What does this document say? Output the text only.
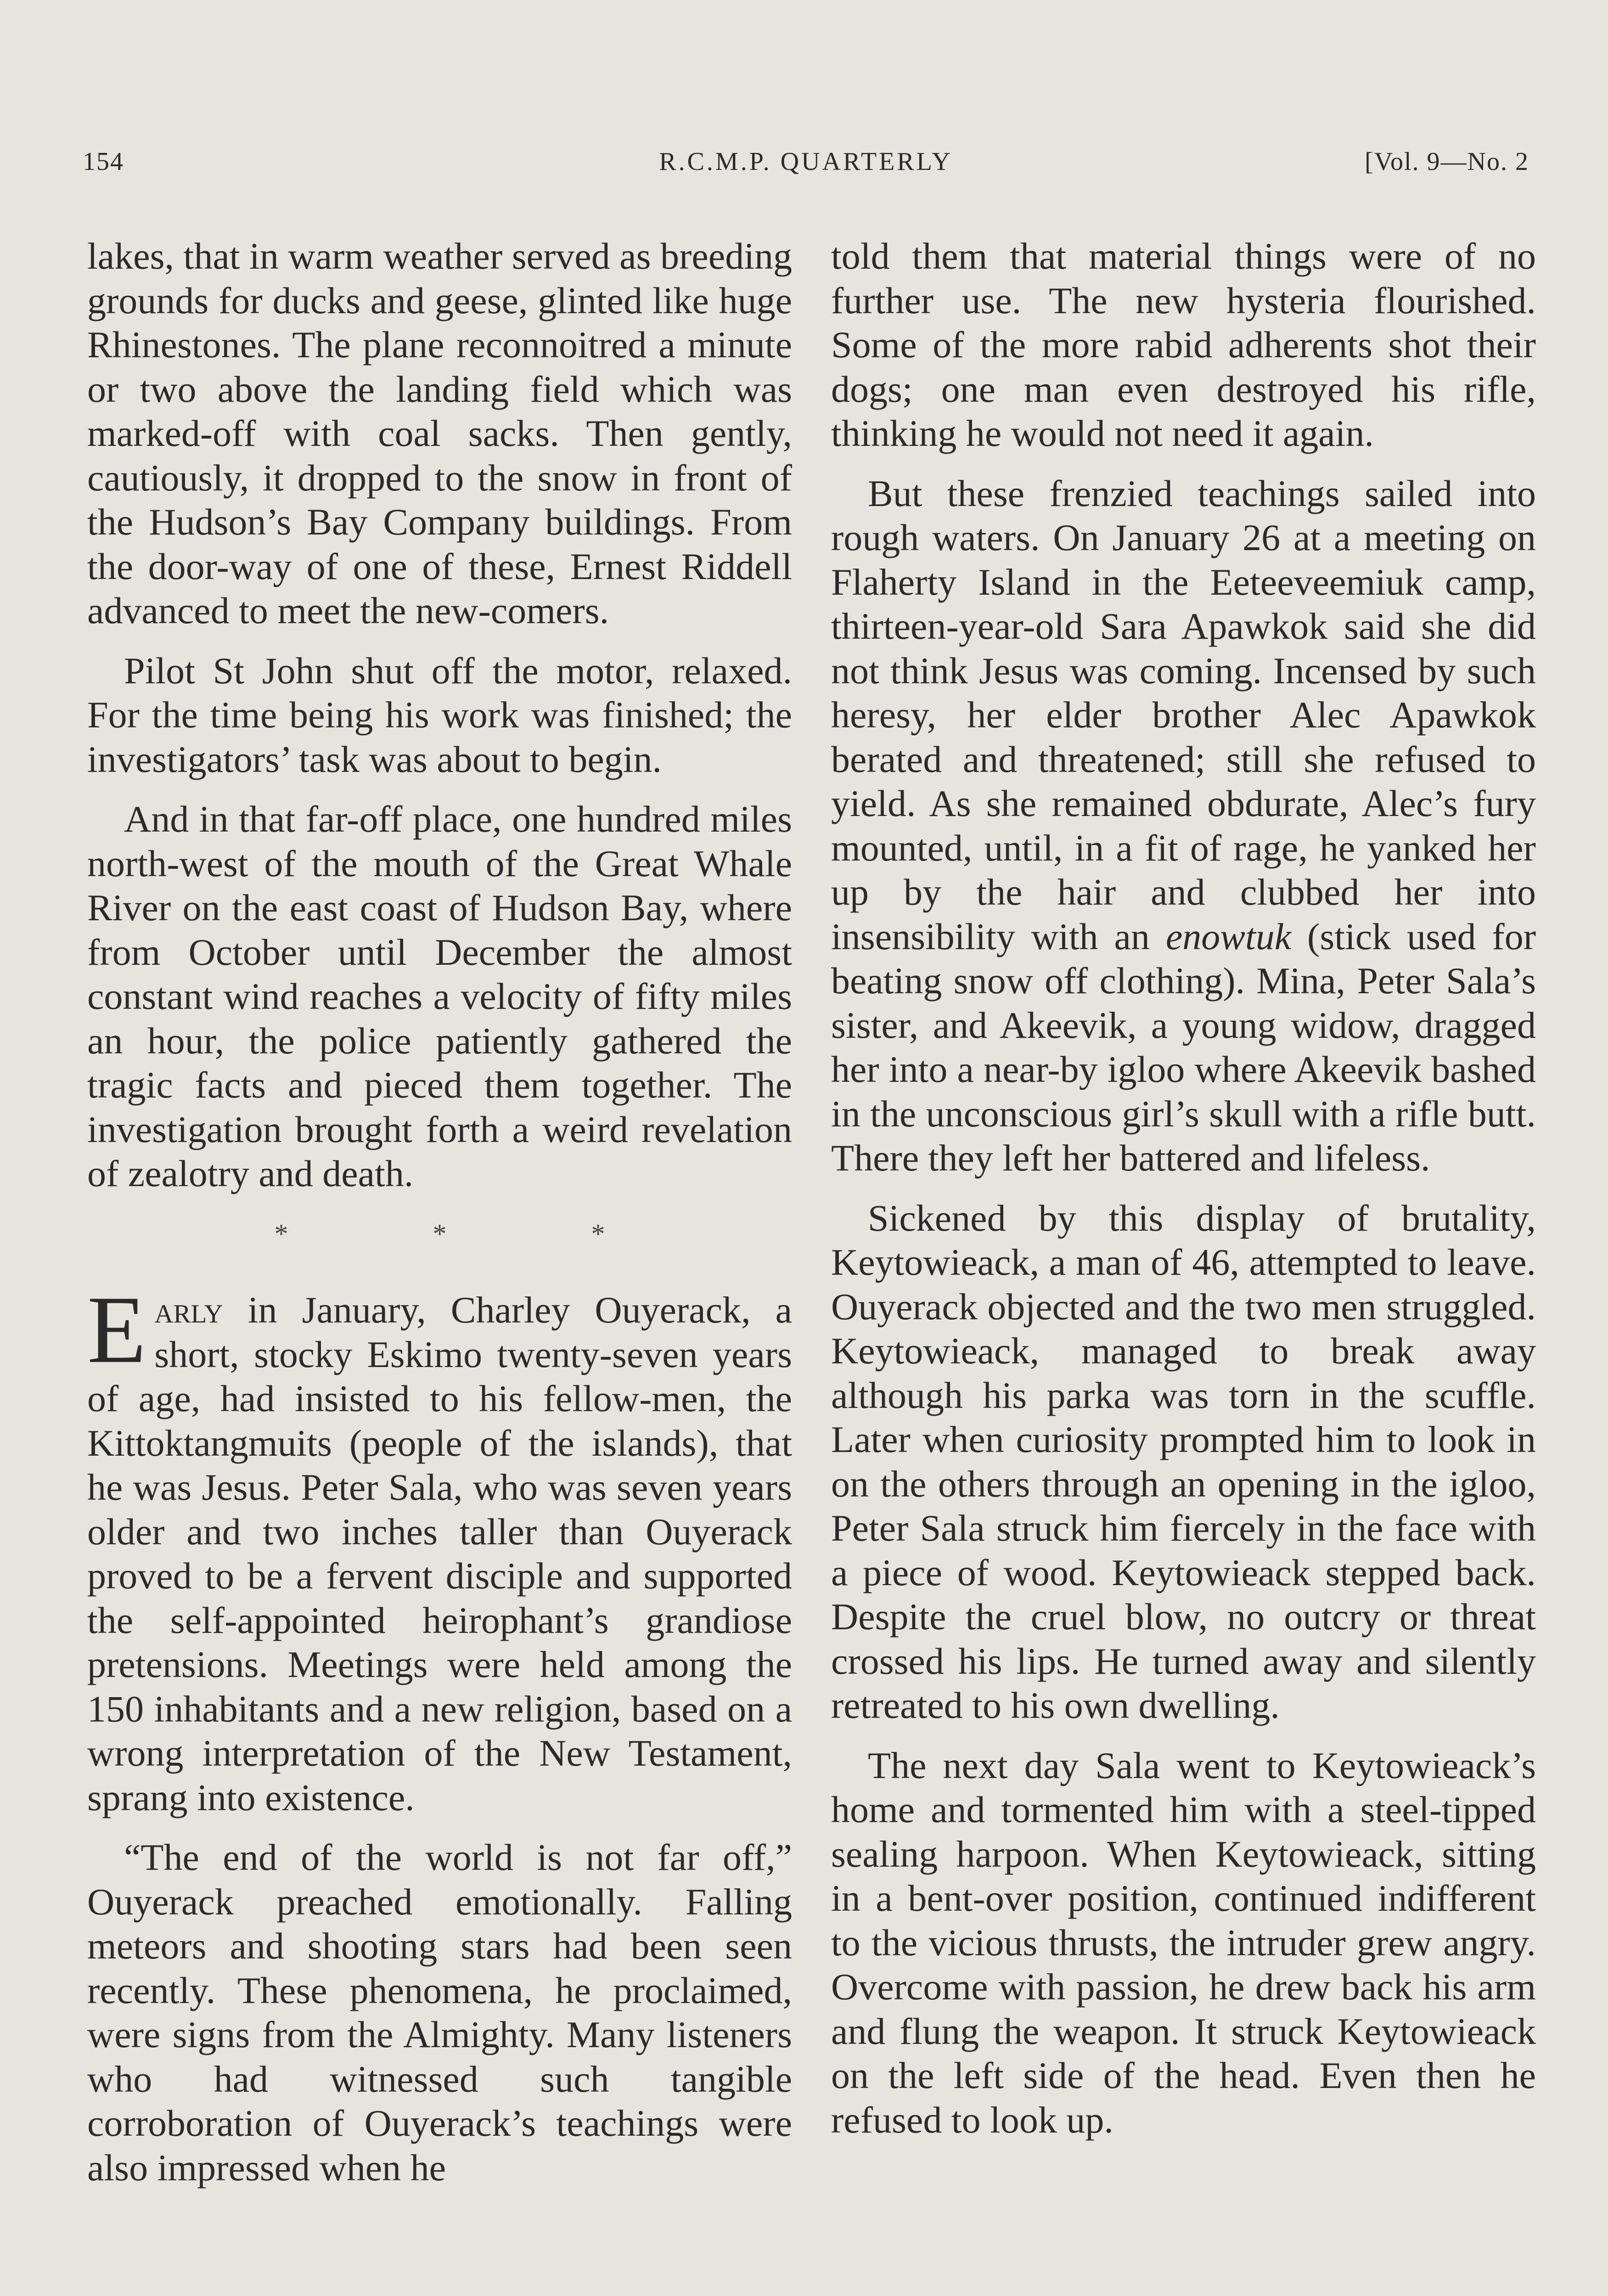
154	R.C.M.P. QUARTERLY	[Vol. 9—No. 2

lakes, that in warm weather served as breeding grounds for ducks and geese, glinted like huge Rhinestones. The plane reconnoitred a minute or two above the landing field which was marked-off with coal sacks. Then gently, cautiously, it dropped to the snow in front of the Hudson’s Bay Company buildings. From the door-way of one of these, Ernest Riddell advanced to meet the new-comers.

Pilot St John shut off the motor, relaxed. For the time being his work was finished; the investigators’ task was about to begin.

And in that far-off place, one hundred miles north-west of the mouth of the Great Whale River on the east coast of Hudson Bay, where from October until December the almost constant wind reaches a velocity of fifty miles an hour, the police patiently gathered the tragic facts and pieced them together. The investigation brought forth a weird revelation of zealotry and death.

* * *

Early in January, Charley Ouyerack, a short, stocky Eskimo twenty-seven years of age, had insisted to his fellow-men, the Kittoktangmuits (people of the islands), that he was Jesus. Peter Sala, who was seven years older and two inches taller than Ouyerack proved to be a fervent disciple and supported the self-appointed heirophant’s grandiose pretensions. Meetings were held among the 150 inhabitants and a new religion, based on a wrong interpretation of the New Testament, sprang into existence.

“The end of the world is not far off,” Ouyerack preached emotionally. Falling meteors and shooting stars had been seen recently. These phenomena, he proclaimed, were signs from the Almighty. Many listeners who had witnessed such tangible corroboration of Ouyerack’s teachings were also impressed when he

told them that material things were of no further use. The new hysteria flourished. Some of the more rabid adherents shot their dogs; one man even destroyed his rifle, thinking he would not need it again.

But these frenzied teachings sailed into rough waters. On January 26 at a meeting on Flaherty Island in the Eeteeveemiuk camp, thirteen-year-old Sara Apawkok said she did not think Jesus was coming. Incensed by such heresy, her elder brother Alec Apawkok berated and threatened; still she refused to yield. As she remained obdurate, Alec’s fury mounted, until, in a fit of rage, he yanked her up by the hair and clubbed her into insensibility with an enowtuk (stick used for beating snow off clothing). Mina, Peter Sala’s sister, and Akeevik, a young widow, dragged her into a near-by igloo where Akeevik bashed in the unconscious girl’s skull with a rifle butt. There they left her battered and lifeless.

Sickened by this display of brutality, Keytowieack, a man of 46, attempted to leave. Ouyerack objected and the two men struggled. Keytowieack, managed to break away although his parka was torn in the scuffle. Later when curiosity prompted him to look in on the others through an opening in the igloo, Peter Sala struck him fiercely in the face with a piece of wood. Keytowieack stepped back. Despite the cruel blow, no outcry or threat crossed his lips. He turned away and silently retreated to his own dwelling.

The next day Sala went to Keytowieack’s home and tormented him with a steel-tipped sealing harpoon. When Keytowieack, sitting in a bent-over position, continued indifferent to the vicious thrusts, the intruder grew angry. Overcome with passion, he drew back his arm and flung the weapon. It struck Keytowieack on the left side of the head. Even then he refused to look up.
